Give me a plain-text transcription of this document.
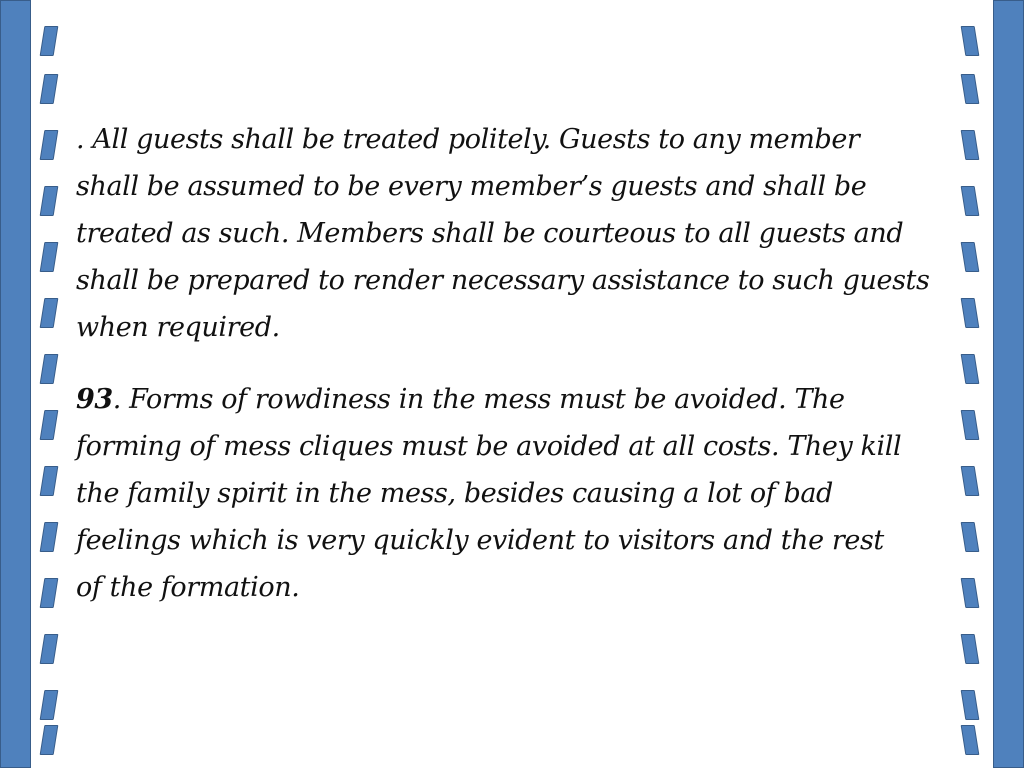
. All guests shall be treated politely. Guests to any member
shall be assumed to be every member’s guests and shall be
treated as such. Members shall be courteous to all guests and
shall be prepared to render necessary assistance to such guests
when required.

93. Forms of rowdiness in the mess must be avoided. The
forming of mess cliques must be avoided at all costs. They kill
the family spirit in the mess, besides causing a lot of bad
feelings which is very quickly evident to visitors and the rest
of the formation.
